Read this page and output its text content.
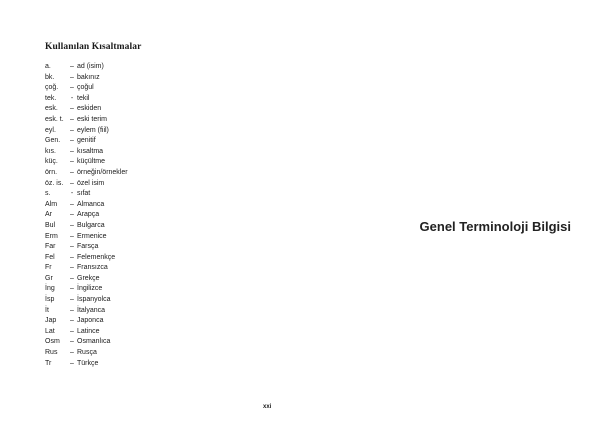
Kullanılan Kısaltmalar
a.	– ad (isim)
bk.	– bakınız
çoğ.	– çoğul
tek.	- tekil
esk.	– eskiden
esk. t. – eski terim
eyl.	– eylem (fiil)
Gen.	– genitif
kıs.	– kısaltma
küç.	– küçültme
örn.	– örneğin/örnekler
öz. is. – özel isim
s.	- sıfat
Alm	– Almanca
Ar	– Arapça
Bul	– Bulgarca
Erm	– Ermenice
Far	– Farsça
Fel	– Felemenkçe
Fr	– Fransızca
Gr	– Grekçe
İng	– İngilizce
İsp	– İspanyolca
İt	– İtalyanca
Jap	– Japonca
Lat	– Latince
Osm	– Osmanlıca
Rus	– Rusça
Tr	– Türkçe
xxi
Genel Terminoloji Bilgisi
